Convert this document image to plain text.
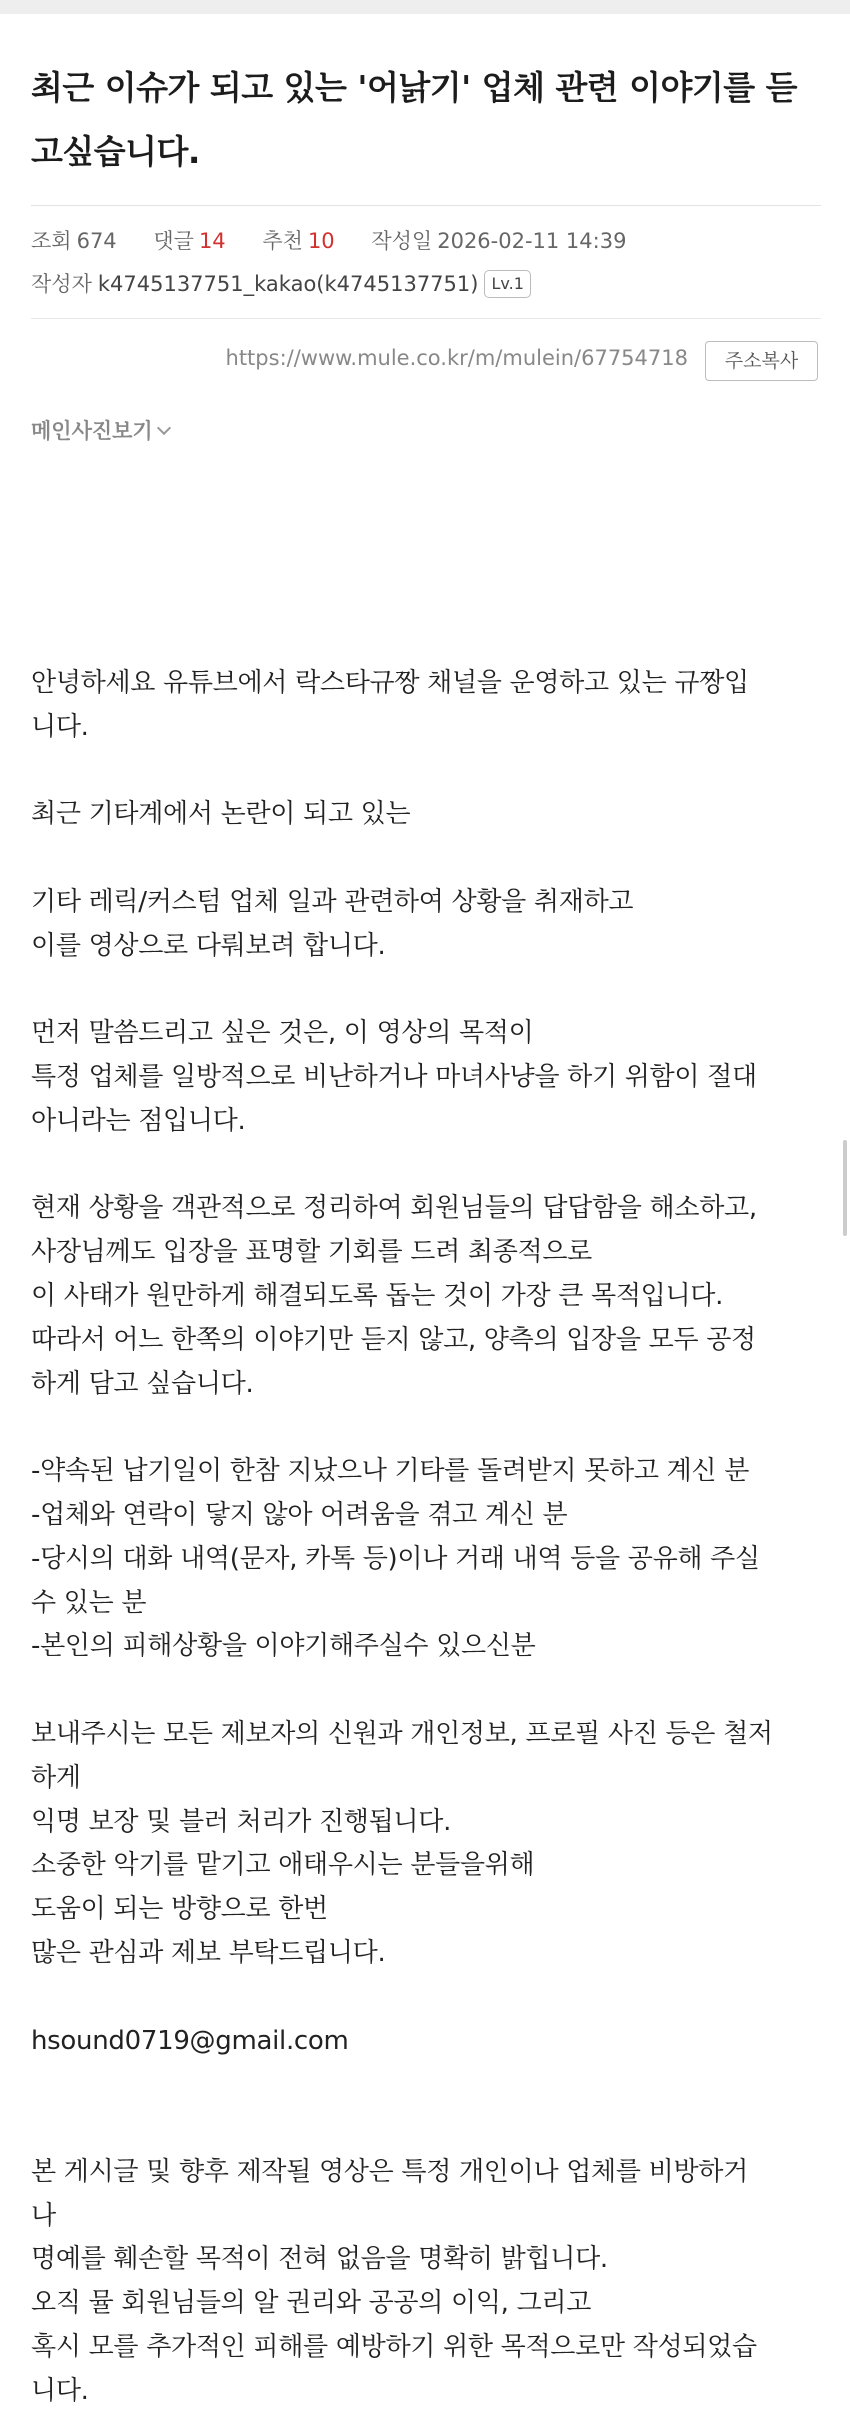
최근 이슈가 되고 있는 '어낡기' 업체 관련 이야기를 듣고싶습니다.
조회 674 댓글 14 추천 10 작성일 2026-02-11 14:39
작성자 k4745137751_kakao(k4745137751) Lv.1
https://www.mule.co.kr/m/mulein/67754718	주소복사
메인사진보기
안녕하세요 유튜브에서 락스타규짱 채널을 운영하고 있는 규짱입
니다.
최근 기타계에서 논란이 되고 있는
기타 레릭/커스텀 업체 일과 관련하여 상황을 취재하고
이를 영상으로 다뤄보려 합니다.
먼저 말씀드리고 싶은 것은, 이 영상의 목적이
특정 업체를 일방적으로 비난하거나 마녀사냥을 하기 위함이 절대
아니라는 점입니다.
현재 상황을 객관적으로 정리하여 회원님들의 답답함을 해소하고,
사장님께도 입장을 표명할 기회를 드려 최종적으로
이 사태가 원만하게 해결되도록 돕는 것이 가장 큰 목적입니다.
따라서 어느 한쪽의 이야기만 듣지 않고, 양측의 입장을 모두 공정
하게 담고 싶습니다.
-약속된 납기일이 한참 지났으나 기타를 돌려받지 못하고 계신 분
-업체와 연락이 닿지 않아 어려움을 겪고 계신 분
-당시의 대화 내역(문자, 카톡 등)이나 거래 내역 등을 공유해 주실
수 있는 분
-본인의 피해상황을 이야기해주실수 있으신분
보내주시는 모든 제보자의 신원과 개인정보, 프로필 사진 등은 철저
하게
익명 보장 및 블러 처리가 진행됩니다.
소중한 악기를 맡기고 애태우시는 분들을위해
도움이 되는 방향으로 한번
많은 관심과 제보 부탁드립니다.
hsound0719@gmail.com
본 게시글 및 향후 제작될 영상은 특정 개인이나 업체를 비방하거
나
명예를 훼손할 목적이 전혀 없음을 명확히 밝힙니다.
오직 뮬 회원님들의 알 권리와 공공의 이익, 그리고
혹시 모를 추가적인 피해를 예방하기 위한 목적으로만 작성되었습
니다.
